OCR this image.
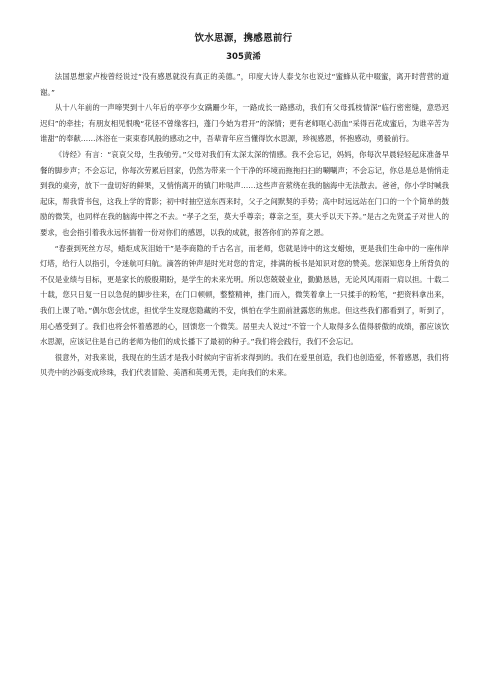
饮水思源，携感恩前行
305黄浠

法国思想家卢梭曾经说过“没有感恩就没有真正的美德。”，印度大诗人泰戈尔也说过“蜜蜂从花中啜蜜，离开时营营的道谢。”

从十八年前的一声啼哭到十八年后的亭亭少女蹒跚少年，一路成长一路感动，我们有父母孤枝情深“临行密密缝，意恐迟迟归”的牵挂；有朋友相见恨晚“花径不曾缘客扫，蓬门今始为君开”的深情；更有老师呕心沥血“采得百花成蜜后，为谁辛苦为谁甜”的奉献……沐浴在一束束春风般的感动之中，吾辈青年应当懂得饮水思源，珍视感恩，怀抱感动，勇毅前行。

《诗经》有言：“哀哀父母，生我劬劳。”父母对我们有太深太深的情感。我不会忘记，妈妈，你每次早晨轻轻起床准备早餐的脚步声；不会忘记，你每次劳累后回家，仍然为带来一个干净的环境而拖拖扫扫的唰唰声；不会忘记，你总是总是悄悄走到我的桌旁，放下一盘切好的鲜果，又悄悄离开的镇门咔哒声……这些声音萦绕在我的脑海中无法散去。爸爸，你小学时喊我起床，帮我背书包，这我上学的背影；初中时抽空送东西来时，父子之间默契的手势；高中时远远站在门口的一个个简单的鼓励的微笑，也同样在我的脑海中挥之不去。“孝子之至，莫大乎尊亲；尊亲之至，莫大乎以天下养。”是古之先贤孟子对世人的要求，也会指引着我永远怀揣着一份对你们的感恩，以我的成就，报答你们的养育之恩。

“春蚕到死丝方尽，蜡炬成灰泪始干”是李商隐的千古名言，而老师，您就是诗中的这支蜡烛，更是我们生命中的一座伟岸灯塔，给行人以指引，令迷航可归航。滴答的钟声是时光对您的肯定，排满的板书是知识对您的赞美。您深知您身上所背负的不仅是业绩与目标，更是家长的殷殷期盼，是学生的未来光明。所以您兢兢业业，勤勤恳恳，无论风风雨雨一肩以担。十载二十载，您只日复一日以急促的脚步往来，在门口顿顿，整整精神，推门而入，微笑着拿上一只揉手的粉笔，“把资料拿出来，我们上课了哈。”偶尔您会忧虑，担忧学生发现您隐藏的不安，惧怕在学生面前泄露您的焦虑。但这些我们都看到了，听到了，用心感受到了。我们也将会怀着感恩的心，回馈您一个微笑。居里夫人说过“不管一个人取得多么值得骄傲的成绩，都应该饮水思源，应该记住是自己的老师为他们的成长播下了最初的种子。”我们将会践行，我们不会忘记。

很意外，对我来说，我现在的生活才是我小时候向宇宙祈求得到的。我们在爱里创造，我们也创造爱，怀着感恩，我们将贝壳中的沙砾变成珍珠，我们代表冒险、美酒和英勇无畏，走向我们的未来。
